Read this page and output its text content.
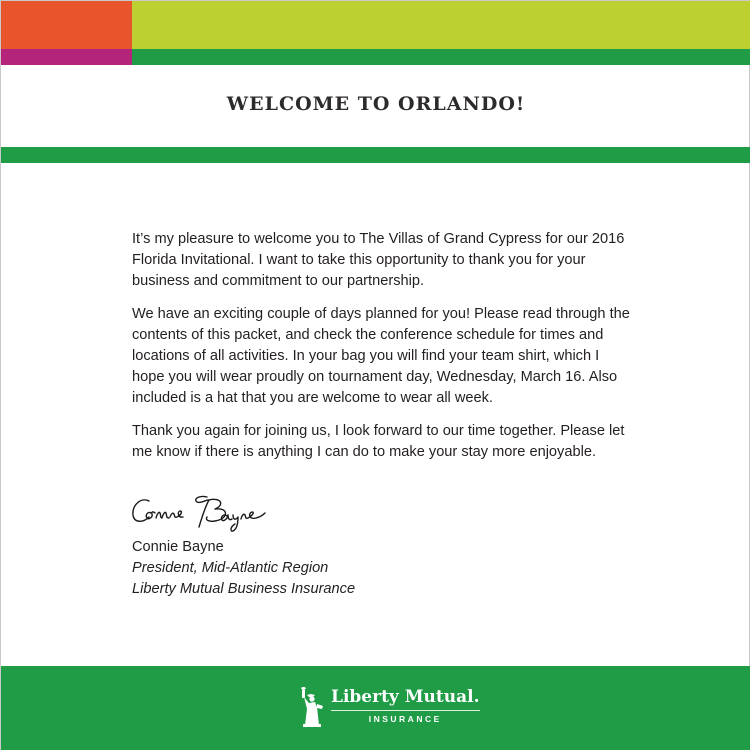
WELCOME TO ORLANDO!

It’s my pleasure to welcome you to The Villas of Grand Cypress for our 2016 Florida Invitational. I want to take this opportunity to thank you for your business and commitment to our partnership.

We have an exciting couple of days planned for you! Please read through the contents of this packet, and check the conference schedule for times and locations of all activities. In your bag you will find your team shirt, which I hope you will wear proudly on tournament day, Wednesday, March 16. Also included is a hat that you are welcome to wear all week.

Thank you again for joining us, I look forward to our time together. Please let me know if there is anything I can do to make your stay more enjoyable.

Connie Bayne
President, Mid-Atlantic Region
Liberty Mutual Business Insurance
Liberty Mutual.
INSURANCE
